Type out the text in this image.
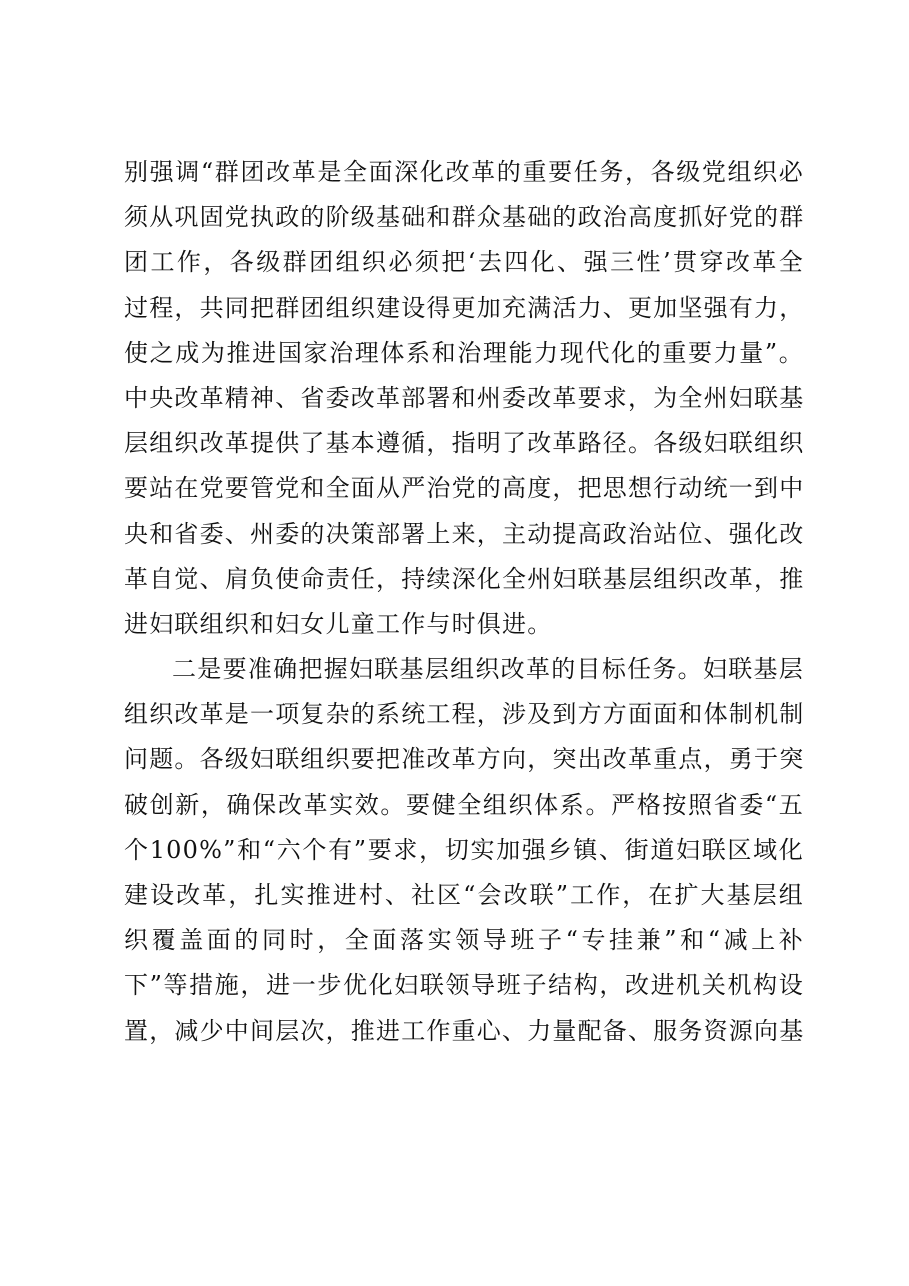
别强调“群团改革是全面深化改革的重要任务，各级党组织必
须从巩固党执政的阶级基础和群众基础的政治高度抓好党的群
团工作，各级群团组织必须把‘去四化、强三性’贯穿改革全
过程，共同把群团组织建设得更加充满活力、更加坚强有力，
使之成为推进国家治理体系和治理能力现代化的重要力量”。
中央改革精神、省委改革部署和州委改革要求，为全州妇联基
层组织改革提供了基本遵循，指明了改革路径。各级妇联组织
要站在党要管党和全面从严治党的高度，把思想行动统一到中
央和省委、州委的决策部署上来，主动提高政治站位、强化改
革自觉、肩负使命责任，持续深化全州妇联基层组织改革，推
进妇联组织和妇女儿童工作与时俱进。
二是要准确把握妇联基层组织改革的目标任务。妇联基层
组织改革是一项复杂的系统工程，涉及到方方面面和体制机制
问题。各级妇联组织要把准改革方向，突出改革重点，勇于突
破创新，确保改革实效。要健全组织体系。严格按照省委“五
个100%”和“六个有”要求，切实加强乡镇、街道妇联区域化
建设改革，扎实推进村、社区“会改联”工作，在扩大基层组
织覆盖面的同时，全面落实领导班子“专挂兼”和“减上补
下”等措施，进一步优化妇联领导班子结构，改进机关机构设
置，减少中间层次，推进工作重心、力量配备、服务资源向基
